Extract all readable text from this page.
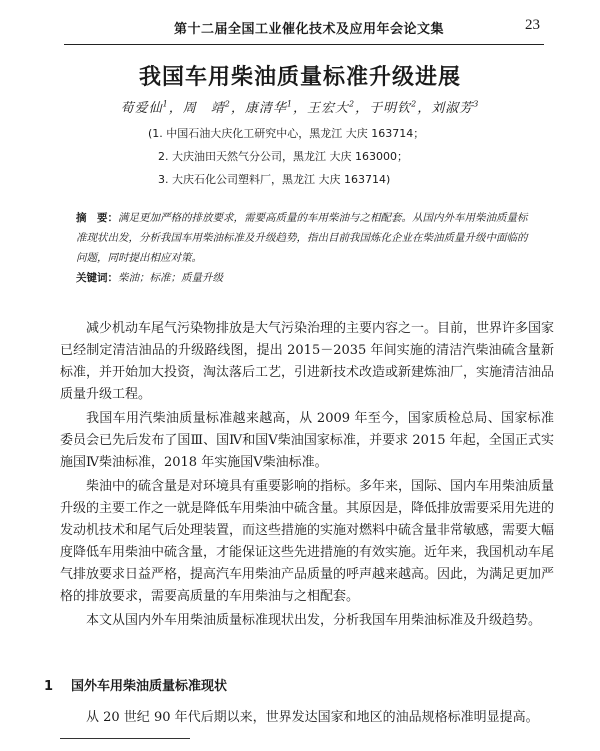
第十二届全国工业催化技术及应用年会论文集	23
我国车用柴油质量标准升级进展
荀爱仙$^1$，周　靖$^2$，康清华$^1$，王宏大$^2$，于明钦$^2$，刘淑芳$^3$
(1. 中国石油大庆化工研究中心，黑龙江 大庆 163714；
2. 大庆油田天然气分公司，黑龙江 大庆 163000；
3. 大庆石化公司塑料厂，黑龙江 大庆 163714)
摘　要：满足更加严格的排放要求，需要高质量的车用柴油与之相配套。从国内外车用柴油质量标准现状出发，分析我国车用柴油标准及升级趋势，指出目前我国炼化企业在柴油质量升级中面临的问题，同时提出相应对策。
关键词：柴油；标准；质量升级

减少机动车尾气污染物排放是大气污染治理的主要内容之一。目前，世界许多国家已经制定清洁油品的升级路线图，提出 2015－2035 年间实施的清洁汽柴油硫含量新标准，并开始加大投资，淘汰落后工艺，引进新技术改造或新建炼油厂，实施清洁油品质量升级工程。

我国车用汽柴油质量标准越来越高，从 2009 年至今，国家质检总局、国家标准委员会已先后发布了国Ⅲ、国Ⅳ和国Ⅴ柴油国家标准，并要求 2015 年起，全国正式实施国Ⅳ柴油标准，2018 年实施国Ⅴ柴油标准。

柴油中的硫含量是对环境具有重要影响的指标。多年来，国际、国内车用柴油质量升级的主要工作之一就是降低车用柴油中硫含量。其原因是，降低排放需要采用先进的发动机技术和尾气后处理装置，而这些措施的实施对燃料中硫含量非常敏感，需要大幅度降低车用柴油中硫含量，才能保证这些先进措施的有效实施。近年来，我国机动车尾气排放要求日益严格，提高汽车用柴油产品质量的呼声越来越高。因此，为满足更加严格的排放要求，需要高质量的车用柴油与之相配套。

本文从国内外车用柴油质量标准现状出发，分析我国车用柴油标准及升级趋势。

1 国外车用柴油质量标准现状
从 20 世纪 90 年代后期以来，世界发达国家和地区的油品规格标准明显提高。
